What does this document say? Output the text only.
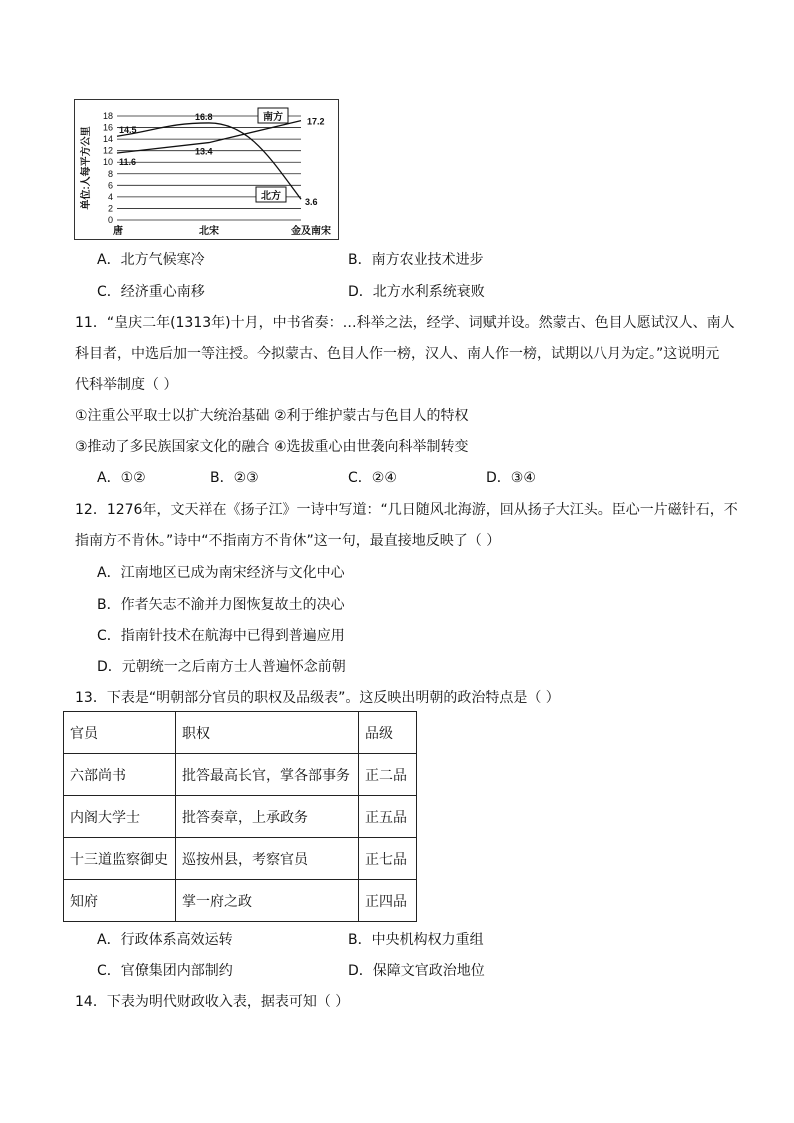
0
2
4
6
8
10
12
14
16
18
单位:人每平方公里
唐	北宋	金及南宋
14.5
16.8	17.2
11.6
13.4
3.6
南方
北方
A．北方气候寒冷	B．南方农业技术进步
C．经济重心南移	D．北方水利系统衰败
11．“皇庆二年(1313年)十月，中书省奏：…科举之法，经学、词赋并设。然蒙古、色目人愿试汉人、南人
科目者，中选后加一等注授。今拟蒙古、色目人作一榜，汉人、南人作一榜，试期以八月为定。”这说明元
代科举制度（ ）
①注重公平取士以扩大统治基础 ②利于维护蒙古与色目人的特权
③推动了多民族国家文化的融合 ④选拔重心由世袭向科举制转变
A．①②	B．②③	C．②④	D．③④
12．1276年，文天祥在《扬子江》一诗中写道：“几日随风北海游，回从扬子大江头。臣心一片磁针石，不
指南方不肯休。”诗中“不指南方不肯休”这一句，最直接地反映了（ ）
A．江南地区已成为南宋经济与文化中心
B．作者矢志不渝并力图恢复故土的决心
C．指南针技术在航海中已得到普遍应用
D．元朝统一之后南方士人普遍怀念前朝
13．下表是“明朝部分官员的职权及品级表”。这反映出明朝的政治特点是（ ）
官员	职权	品级
六部尚书	批答最高长官，掌各部事务	正二品
内阁大学士	批答奏章，上承政务	正五品
十三道监察御史	巡按州县，考察官员	正七品
知府	掌一府之政	正四品
A．行政体系高效运转	B．中央机构权力重组
C．官僚集团内部制约	D．保障文官政治地位
14．下表为明代财政收入表，据表可知（ ）
